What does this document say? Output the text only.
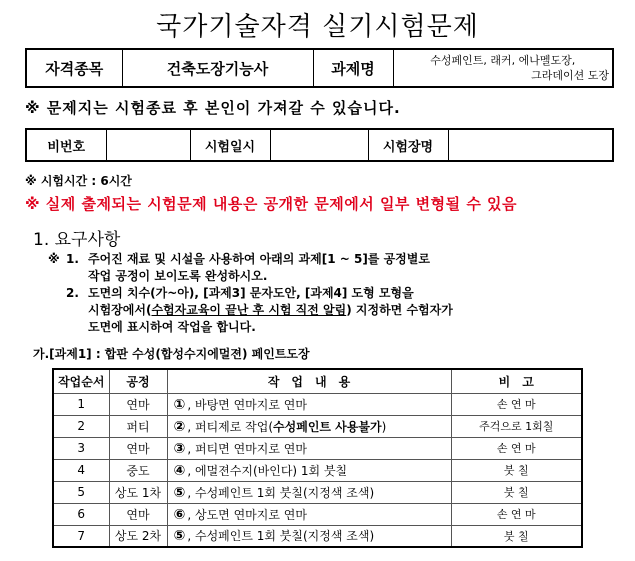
국가기술자격 실기시험문제
자격종목	건축도장기능사	과제명	수성페인트, 래커, 에나멜도장,
그라데이션 도장
※ 문제지는 시험종료 후 본인이 가져갈 수 있습니다.
비번호		시험일시		시험장명	
※ 시험시간 : 6시간
※ 실제 출제되는 시험문제 내용은 공개한 문제에서 일부 변형될 수 있음
1. 요구사항
※ 1. 주어진 재료 및 시설을 사용하여 아래의 과제[1 ~ 5]를 공정별로
작업 공정이 보이도록 완성하시오.
2. 도면의 치수(가~아), [과제3] 문자도안, [과제4] 도형 모형을
시험장에서( 수험자교육이 끝난 후 시험 직전 알림 ) 지정하면 수험자가
도면에 표시하여 작업을 합니다.
가.[과제1] : 합판 수성(합성수지에멀젼) 페인트도장
작업순서	공정	작　업　내　용	비　고
1	연마	① , 바탕면 연마지로 연마	손 연 마
2	퍼티	② , 퍼티제로 작업(수성페인트 사용불가)	주걱으로 1회칠
3	연마	③ , 퍼티면 연마지로 연마	손 연 마
4	중도	④ , 에멀젼수지(바인다) 1회 붓칠	붓 칠
5	상도 1차	⑤ , 수성페인트 1회 붓칠(지정색 조색)	붓 칠
6	연마	⑥ , 상도면 연마지로 연마	손 연 마
7	상도 2차	⑤ , 수성페인트 1회 붓칠(지정색 조색)	붓 칠
